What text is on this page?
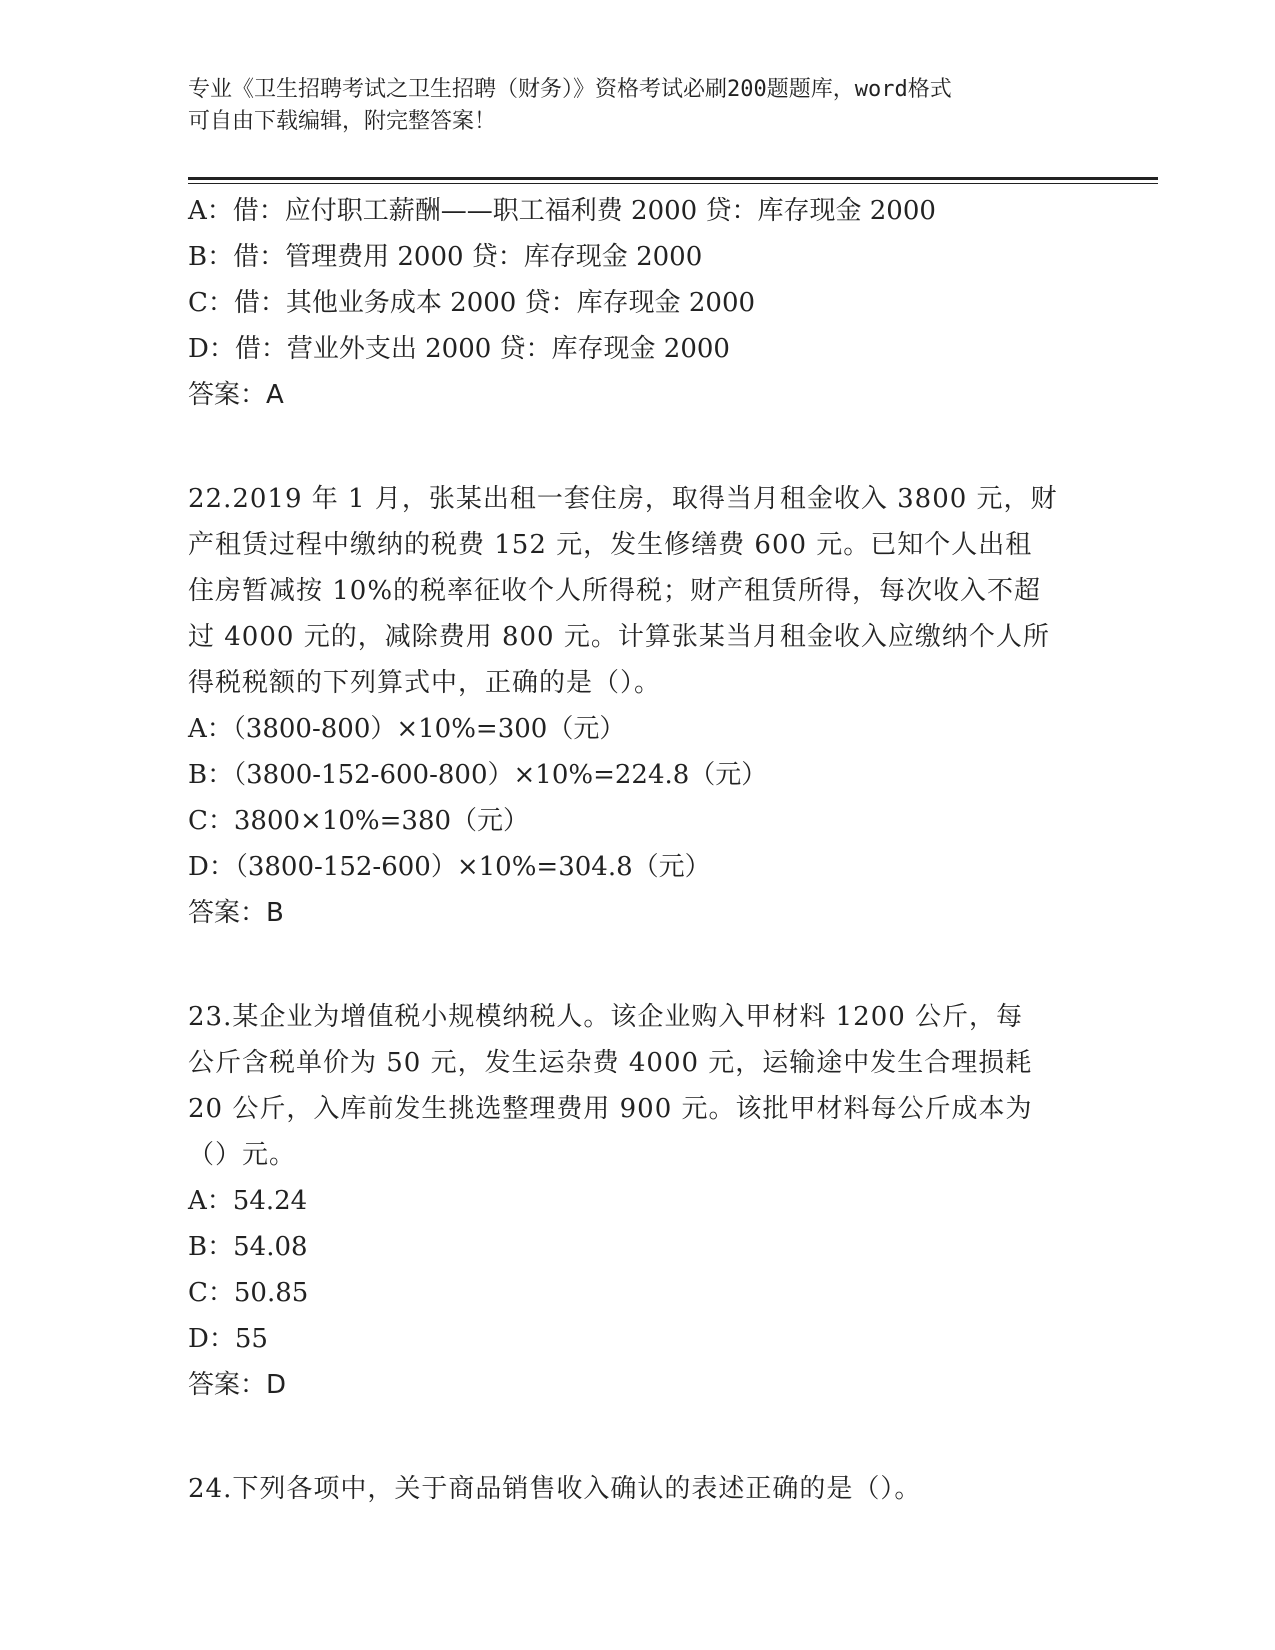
专业《卫生招聘考试之卫生招聘（财务）》资格考试必刷200题题库，word格式
可自由下载编辑，附完整答案！
A：借：应付职工薪酬——职工福利费 2000 贷：库存现金 2000
B：借：管理费用 2000 贷：库存现金 2000
C：借：其他业务成本 2000 贷：库存现金 2000
D：借：营业外支出 2000 贷：库存现金 2000
答案：A
22.2019 年 1 月，张某出租一套住房，取得当月租金收入 3800 元，财
产租赁过程中缴纳的税费 152 元，发生修缮费 600 元。已知个人出租
住房暂减按 10%的税率征收个人所得税；财产租赁所得，每次收入不超
过 4000 元的，减除费用 800 元。计算张某当月租金收入应缴纳个人所
得税税额的下列算式中，正确的是（）。
A：（3800-800）×10%=300（元）
B：（3800-152-600-800）×10%=224.8（元）
C：3800×10%=380（元）
D：（3800-152-600）×10%=304.8（元）
答案：B
23.某企业为增值税小规模纳税人。该企业购入甲材料 1200 公斤，每
公斤含税单价为 50 元，发生运杂费 4000 元，运输途中发生合理损耗
20 公斤，入库前发生挑选整理费用 900 元。该批甲材料每公斤成本为
（）元。
A：54.24
B：54.08
C：50.85
D：55
答案：D
24.下列各项中，关于商品销售收入确认的表述正确的是（）。
